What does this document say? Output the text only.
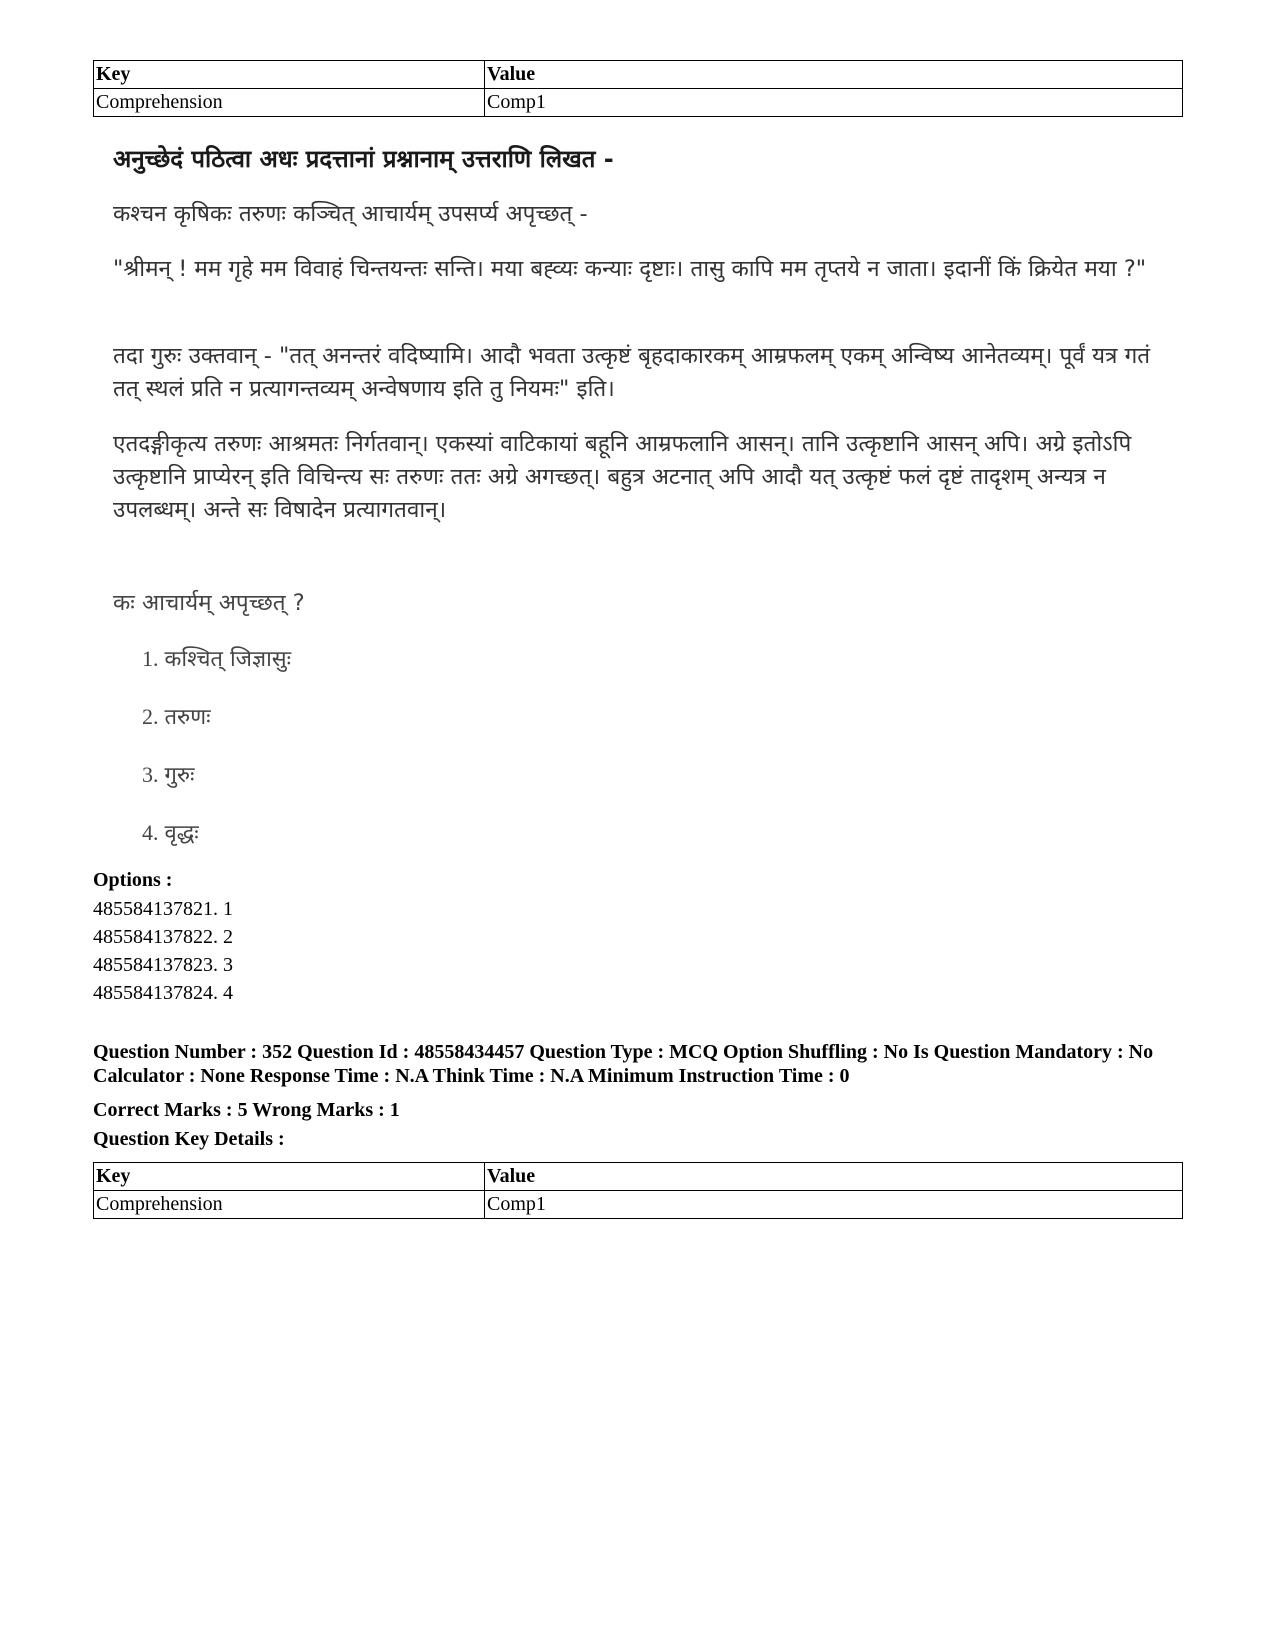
Key	Value
Comprehension	Comp1
अनुच्छेदं पठित्वा अधः प्रदत्तानां प्रश्नानाम् उत्तराणि लिखत -
कश्चन कृषिकः तरुणः कञ्चित् आचार्यम् उपसर्प्य अपृच्छत् -
"श्रीमन् ! मम गृहे मम विवाहं चिन्तयन्तः सन्ति। मया बह्व्यः कन्याः दृष्टाः। तासु कापि मम तृप्तये न जाता। इदानीं किं क्रियेत मया ?"
तदा गुरुः उक्तवान् - "तत् अनन्तरं वदिष्यामि। आदौ भवता उत्कृष्टं बृहदाकारकम् आम्रफलम् एकम् अन्विष्य आनेतव्यम्। पूर्वं यत्र गतं तत् स्थलं प्रति न प्रत्यागन्तव्यम् अन्वेषणाय इति तु नियमः" इति।
एतदङ्गीकृत्य तरुणः आश्रमतः निर्गतवान्। एकस्यां वाटिकायां बहूनि आम्रफलानि आसन्। तानि उत्कृष्टानि आसन् अपि। अग्रे इतोऽपि उत्कृष्टानि प्राप्येरन् इति विचिन्त्य सः तरुणः ततः अग्रे अगच्छत्। बहुत्र अटनात् अपि आदौ यत् उत्कृष्टं फलं दृष्टं तादृशम् अन्यत्र न उपलब्धम्। अन्ते सः विषादेन प्रत्यागतवान्।
कः आचार्यम् अपृच्छत् ?
1. कश्चित् जिज्ञासुः
2. तरुणः
3. गुरुः
4. वृद्धः
Options :
485584137821. 1
485584137822. 2
485584137823. 3
485584137824. 4
Question Number : 352 Question Id : 48558434457 Question Type : MCQ Option Shuffling : No Is Question Mandatory : No Calculator : None Response Time : N.A Think Time : N.A Minimum Instruction Time : 0
Correct Marks : 5 Wrong Marks : 1
Question Key Details :
Key	Value
Comprehension	Comp1
